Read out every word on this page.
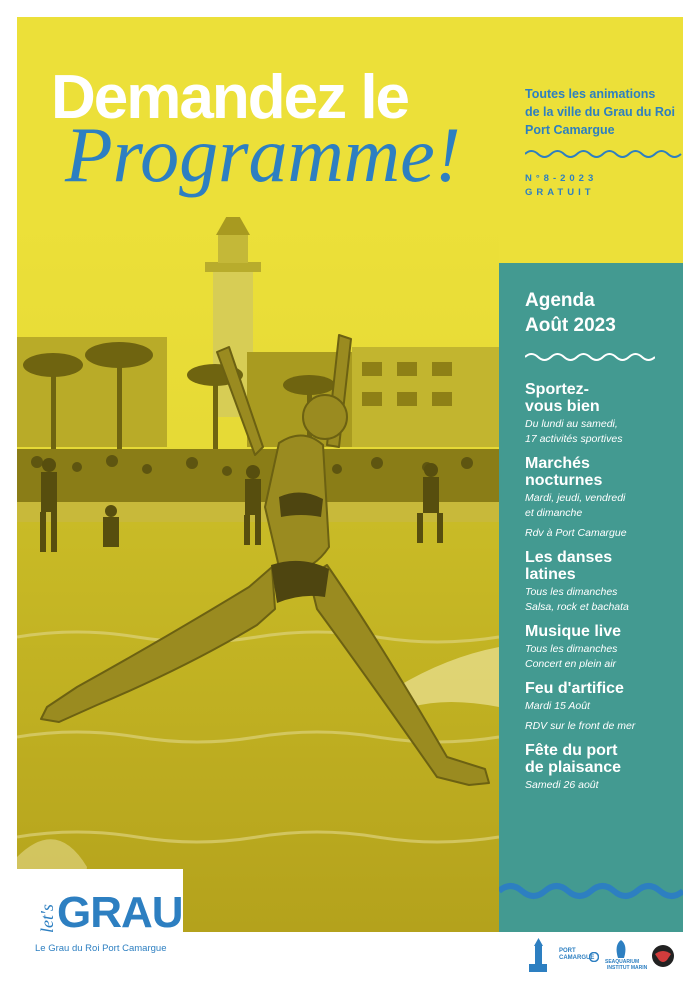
Demandez le
Programme!
Toutes les animations
de la ville du Grau du Roi
Port Camargue
N°8-2023
GRATUIT
Agenda
Août 2023
Sportez-
vous bien
Du lundi au samedi,
17 activités sportives
Marchés
nocturnes
Mardi, jeudi, vendredi
et dimanche
Rdv à Port Camargue
Les danses
latines
Tous les dimanches
Salsa, rock et bachata
Musique live
Tous les dimanches
Concert en plein air
Feu d'artifice
Mardi 15 Août
RDV sur le front de mer
Fête du port
de plaisance
Samedi 26 août
let's GRAU
Le Grau du Roi Port Camargue	PORT
CAMARGUE
SEAQUARIUM
INSTITUT MARIN
